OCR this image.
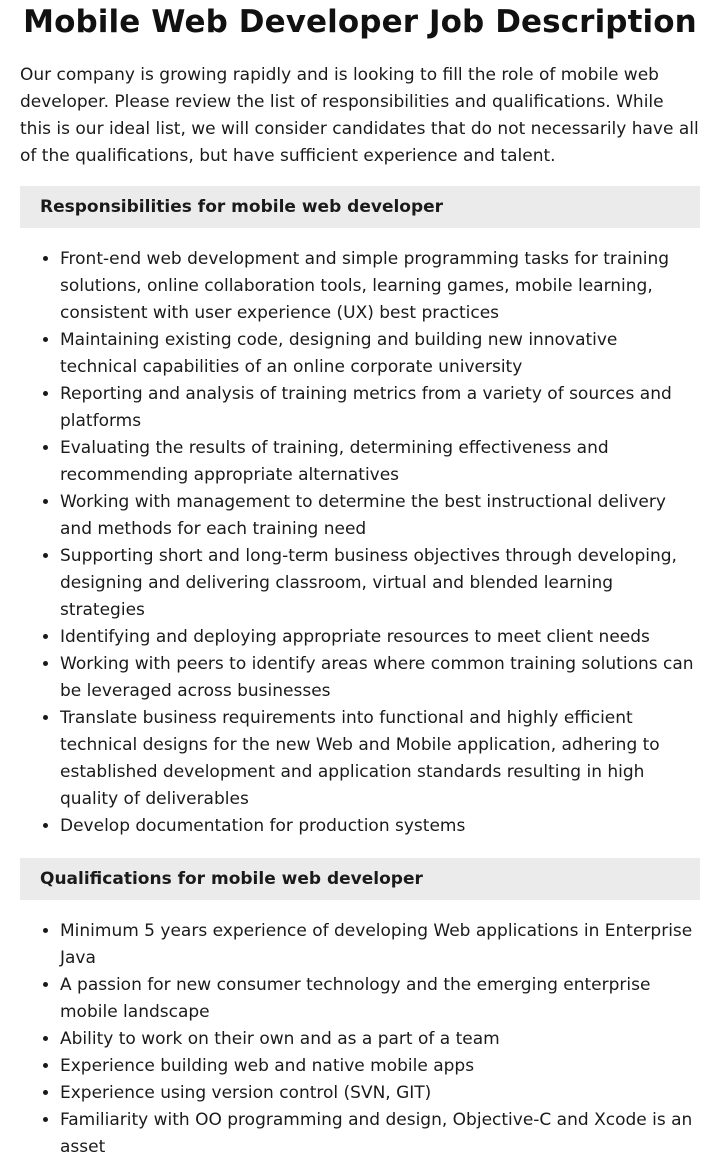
Mobile Web Developer Job Description

Our company is growing rapidly and is looking to fill the role of mobile web developer. Please review the list of responsibilities and qualifications. While this is our ideal list, we will consider candidates that do not necessarily have all of the qualifications, but have sufficient experience and talent.

Responsibilities for mobile web developer
• Front-end web development and simple programming tasks for training solutions, online collaboration tools, learning games, mobile learning, consistent with user experience (UX) best practices
• Maintaining existing code, designing and building new innovative technical capabilities of an online corporate university
• Reporting and analysis of training metrics from a variety of sources and platforms
• Evaluating the results of training, determining effectiveness and recommending appropriate alternatives
• Working with management to determine the best instructional delivery and methods for each training need
• Supporting short and long-term business objectives through developing, designing and delivering classroom, virtual and blended learning strategies
• Identifying and deploying appropriate resources to meet client needs
• Working with peers to identify areas where common training solutions can be leveraged across businesses
• Translate business requirements into functional and highly efficient technical designs for the new Web and Mobile application, adhering to established development and application standards resulting in high quality of deliverables
• Develop documentation for production systems
Qualifications for mobile web developer
• Minimum 5 years experience of developing Web applications in Enterprise Java
• A passion for new consumer technology and the emerging enterprise mobile landscape
• Ability to work on their own and as a part of a team
• Experience building web and native mobile apps
• Experience using version control (SVN, GIT)
• Familiarity with OO programming and design, Objective-C and Xcode is an asset
